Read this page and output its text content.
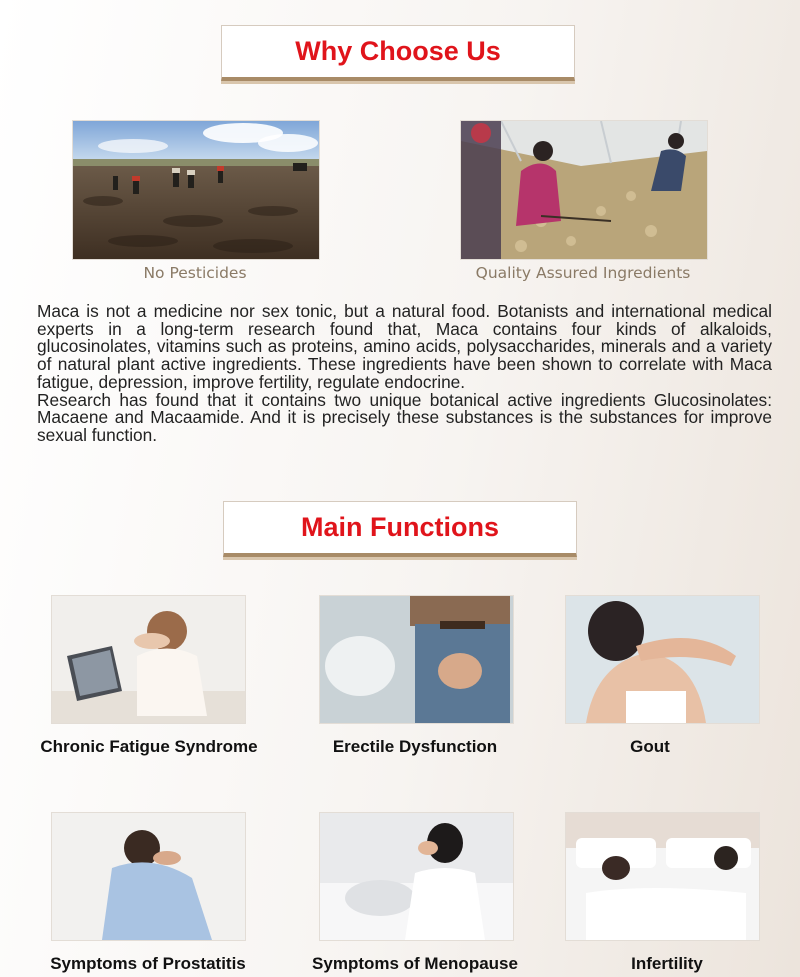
Why Choose Us
No Pesticides	Quality Assured Ingredients

Maca is not a medicine nor sex tonic, but a natural food. Botanists and international medical experts in a long-term research found that, Maca contains four kinds of alkaloids, glucosinolates, vitamins such as proteins, amino acids, polysaccharides, minerals and a variety of natural plant active ingredients. These ingredients have been shown to correlate with Maca fatigue, depression, improve fertility, regulate endocrine.

Research has found that it contains two unique botanical active ingredients Glucosinolates: Macaene and Macaamide. And it is precisely these substances is the substances for improve sexual function.

Main Functions
Chronic Fatigue Syndrome	Erectile Dysfunction	Gout
Symptoms of Prostatitis	Symptoms of Menopause	Infertility
